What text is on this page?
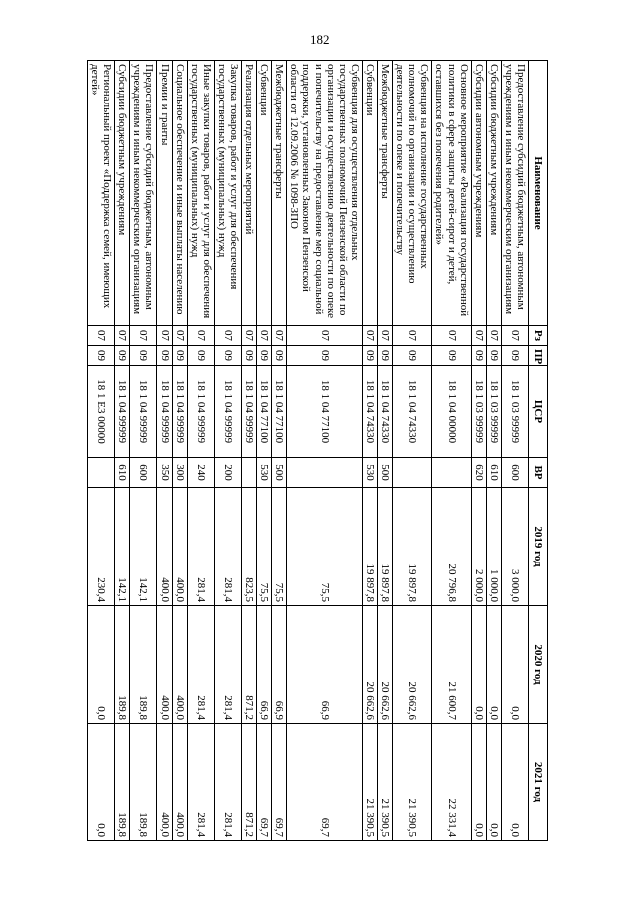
182
Наименование	Рз	ПР	ЦСР	ВР	2019 год	2020 год	2021 год
Предоставление субсидий бюджетным, автономным учреждениям и иным некоммерческим организациям	07	09	18 1 03 99999	600	3 000,0	0,0	0,0
Субсидии бюджетным учреждениям	07	09	18 1 03 99999	610	1 000,0	0,0	0,0
Субсидии автономным учреждениям	07	09	18 1 03 99999	620	2 000,0	0,0	0,0
Основное мероприятие «Реализация государственной политики в сфере защиты детей-сирот и детей, оставшихся без попечения родителей»	07	09	18 1 04 00000		20 796,8	21 600,7	22 331,4
Субвенция на исполнение государственных полномочий по организации и осуществлению деятельности по опеке и попечительству	07	09	18 1 04 74330		19 897,8	20 662,6	21 390,5
Межбюджетные трансферты	07	09	18 1 04 74330	500	19 897,8	20 662,6	21 390,5
Субвенции	07	09	18 1 04 74330	530	19 897,8	20 662,6	21 390,5
Субвенция для осуществления отдельных государственных полномочий Пензенской области по организации и осуществлению деятельности по опеке и попечительству на предоставление мер социальной поддержки, установленных Законом Пензенской области от 12.09.2006 № 1098-ЗПО	07	09	18 1 04 77100		75,5	66,9	69,7
Межбюджетные трансферты	07	09	18 1 04 77100	500	75,5	66,9	69,7
Субвенции	07	09	18 1 04 77100	530	75,5	66,9	69,7
Реализация отдельных мероприятий	07	09	18 1 04 99999		823,5	871,2	871,2
Закупка товаров, работ и услуг для обеспечения государственных (муниципальных) нужд	07	09	18 1 04 99999	200	281,4	281,4	281,4
Иные закупки товаров, работ и услуг для обеспечения государственных (муниципальных) нужд	07	09	18 1 04 99999	240	281,4	281,4	281,4
Социальное обеспечение и иные выплаты населению	07	09	18 1 04 99999	300	400,0	400,0	400,0
Премии и гранты	07	09	18 1 04 99999	350	400,0	400,0	400,0
Предоставление субсидий бюджетным, автономным учреждениям и иным некоммерческим организациям	07	09	18 1 04 99999	600	142,1	189,8	189,8
Субсидии бюджетным учреждениям	07	09	18 1 04 99999	610	142,1	189,8	189,8
Региональный проект «Поддержка семей, имеющих детей»	07	09	18 1 E3 00000		230,4	0,0	0,0
